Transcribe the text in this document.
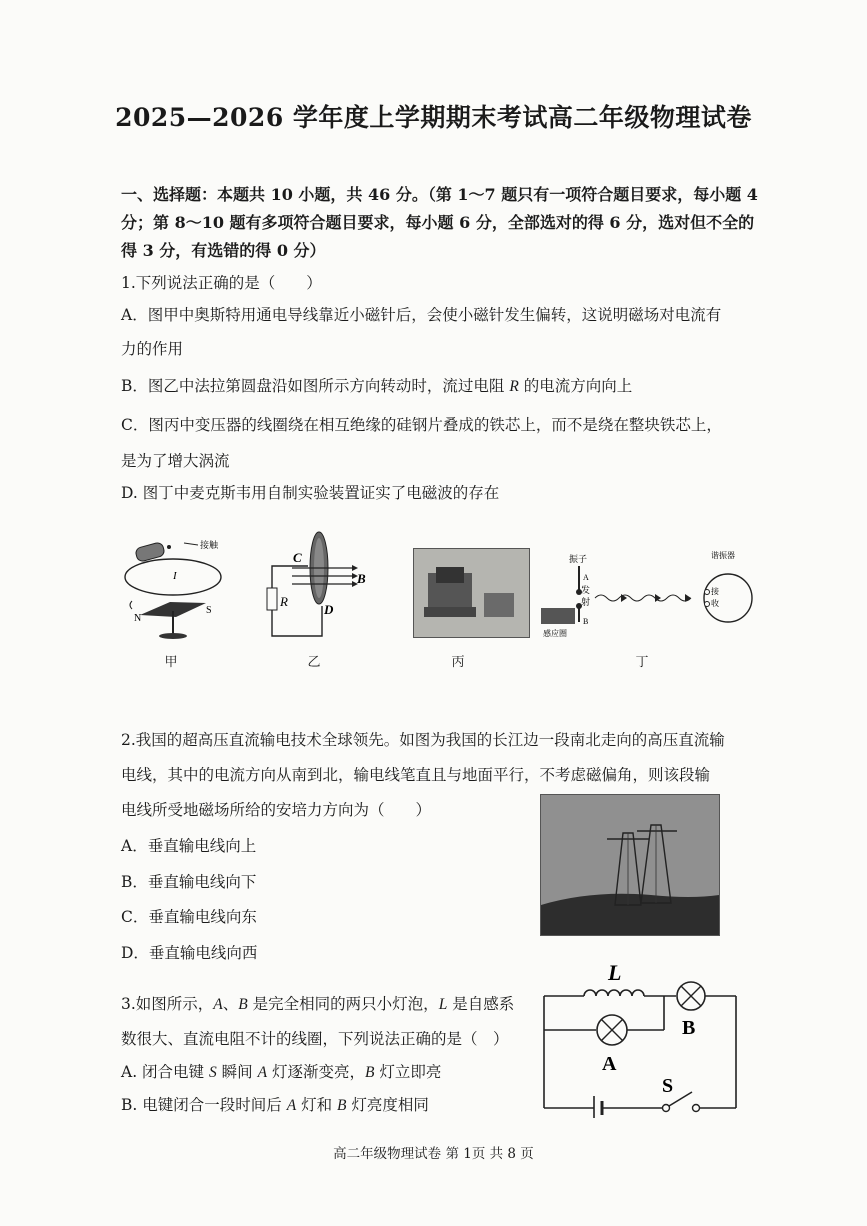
2025—2026 学年度上学期期末考试高二年级物理试卷
一、选择题：本题共 10 小题，共 46 分。（第 1～7 题只有一项符合题目要求，每小题 4
分；第 8～10 题有多项符合题目要求，每小题 6 分，全部选对的得 6 分，选对但不全的
得 3 分，有选错的得 0 分）
1.下列说法正确的是（　　）
A．图甲中奥斯特用通电导线靠近小磁针后，会使小磁针发生偏转，这说明磁场对电流有
力的作用
B．图乙中法拉第圆盘沿如图所示方向转动时，流过电阻 R 的电流方向向上
C．图丙中变压器的线圈绕在相互绝缘的硅钢片叠成的铁芯上，而不是绕在整块铁芯上，
是为了增大涡流
D. 图丁中麦克斯韦用自制实验装置证实了电磁波的存在
接触
I
N
S
甲
C
B
R
D
乙	丙
振子
发
射
A
B
感应圈
谐振器
接
收
丁
2.我国的超高压直流输电技术全球领先。如图为我国的长江边一段南北走向的高压直流输
电线，其中的电流方向从南到北，输电线笔直且与地面平行，不考虑磁偏角，则该段输
电线所受地磁场所给的安培力方向为（　　）
A．垂直输电线向上
B．垂直输电线向下
C．垂直输电线向东
D．垂直输电线向西
3.如图所示，A、B 是完全相同的两只小灯泡，L 是自感系
数很大、直流电阻不计的线圈，下列说法正确的是（　）
A. 闭合电键 S 瞬间 A 灯逐渐变亮，B 灯立即亮
B. 电键闭合一段时间后 A 灯和 B 灯亮度相同
L
B
A
S
高二年级物理试卷 第 1页 共 8 页
